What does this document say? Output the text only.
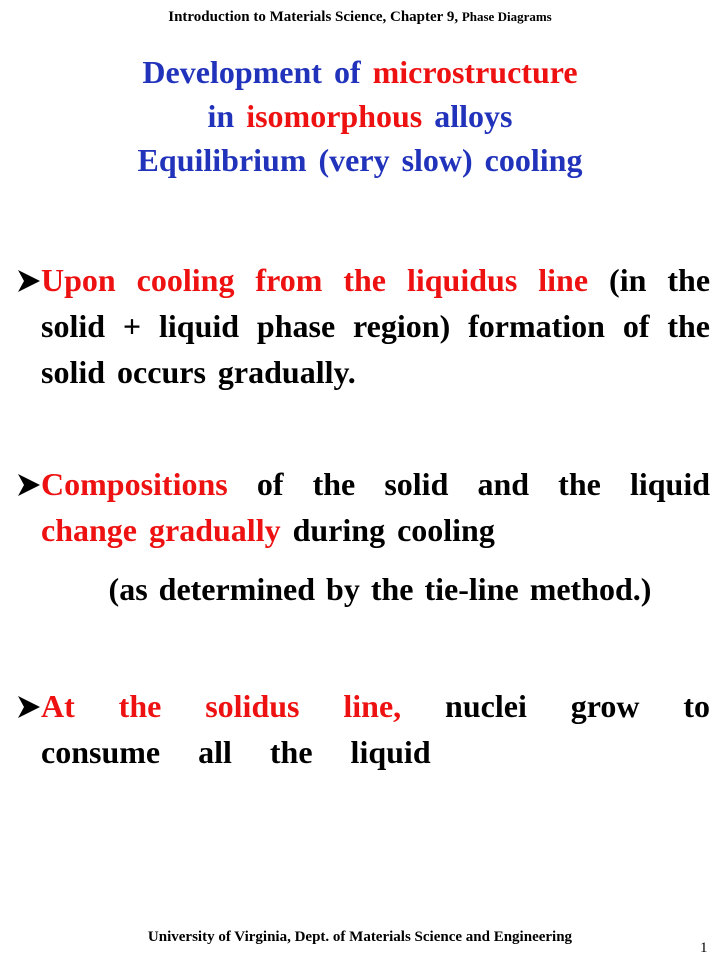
Introduction to Materials Science, Chapter 9, Phase Diagrams
Development of microstructure
in isomorphous alloys
Equilibrium (very slow) cooling
Upon cooling from the liquidus line (in the solid + liquid phase region) formation of the solid occurs gradually.
Compositions of the solid and the liquid change gradually during cooling
(as determined by the tie-line method.)
At the solidus line, nuclei grow to consume all the liquid
University of Virginia, Dept. of Materials Science and Engineering
1
